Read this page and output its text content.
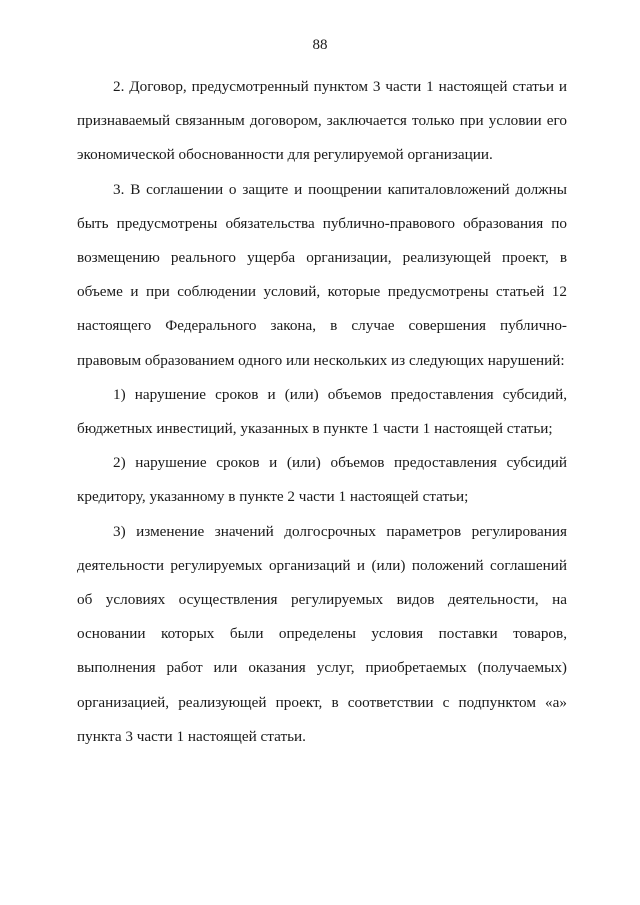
88

2. Договор, предусмотренный пунктом 3 части 1 настоящей статьи и
признаваемый связанным договором, заключается только при условии его
экономической обоснованности для регулируемой организации.

3. В соглашении о защите и поощрении капиталовложений должны
быть предусмотрены обязательства публично-правового образования по
возмещению реального ущерба организации, реализующей проект, в
объеме и при соблюдении условий, которые предусмотрены статьей 12
настоящего Федерального закона, в случае совершения публично-
правовым образованием одного или нескольких из следующих нарушений:

1) нарушение сроков и (или) объемов предоставления субсидий,
бюджетных инвестиций, указанных в пункте 1 части 1 настоящей статьи;

2) нарушение сроков и (или) объемов предоставления субсидий
кредитору, указанному в пункте 2 части 1 настоящей статьи;

3) изменение значений долгосрочных параметров регулирования
деятельности регулируемых организаций и (или) положений соглашений
об условиях осуществления регулируемых видов деятельности, на
основании которых были определены условия поставки товаров,
выполнения работ или оказания услуг, приобретаемых (получаемых)
организацией, реализующей проект, в соответствии с подпунктом «а»
пункта 3 части 1 настоящей статьи.
